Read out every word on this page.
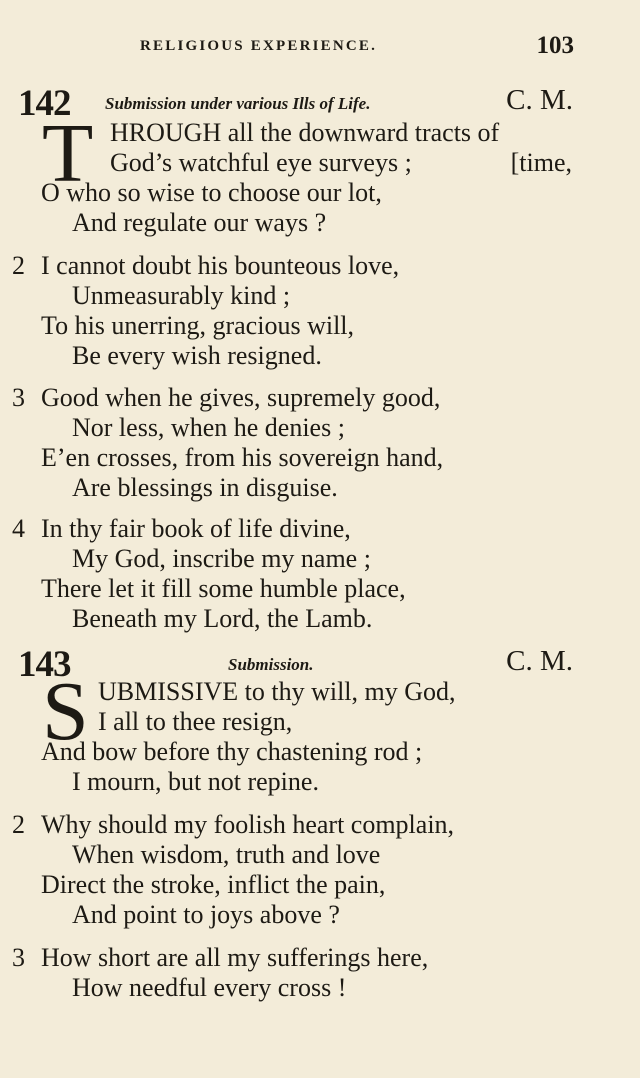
RELIGIOUS EXPERIENCE.	103
142 Submission under various Ills of Life.	C. M.
T HROUGH all the downward tracts of
God’s watchful eye surveys ;	[time,
O who so wise to choose our lot,
And regulate our ways ?
2 I cannot doubt his bounteous love,
Unmeasurably kind ;
To his unerring, gracious will,
Be every wish resigned.
3 Good when he gives, supremely good,
Nor less, when he denies ;
E’en crosses, from his sovereign hand,
Are blessings in disguise.
4 In thy fair book of life divine,
My God, inscribe my name ;
There let it fill some humble place,
Beneath my Lord, the Lamb.
143	Submission.	C. M.
S UBMISSIVE to thy will, my God,
I all to thee resign,
And bow before thy chastening rod ;
I mourn, but not repine.
2 Why should my foolish heart complain,
When wisdom, truth and love
Direct the stroke, inflict the pain,
And point to joys above ?
3 How short are all my sufferings here,
How needful every cross !
